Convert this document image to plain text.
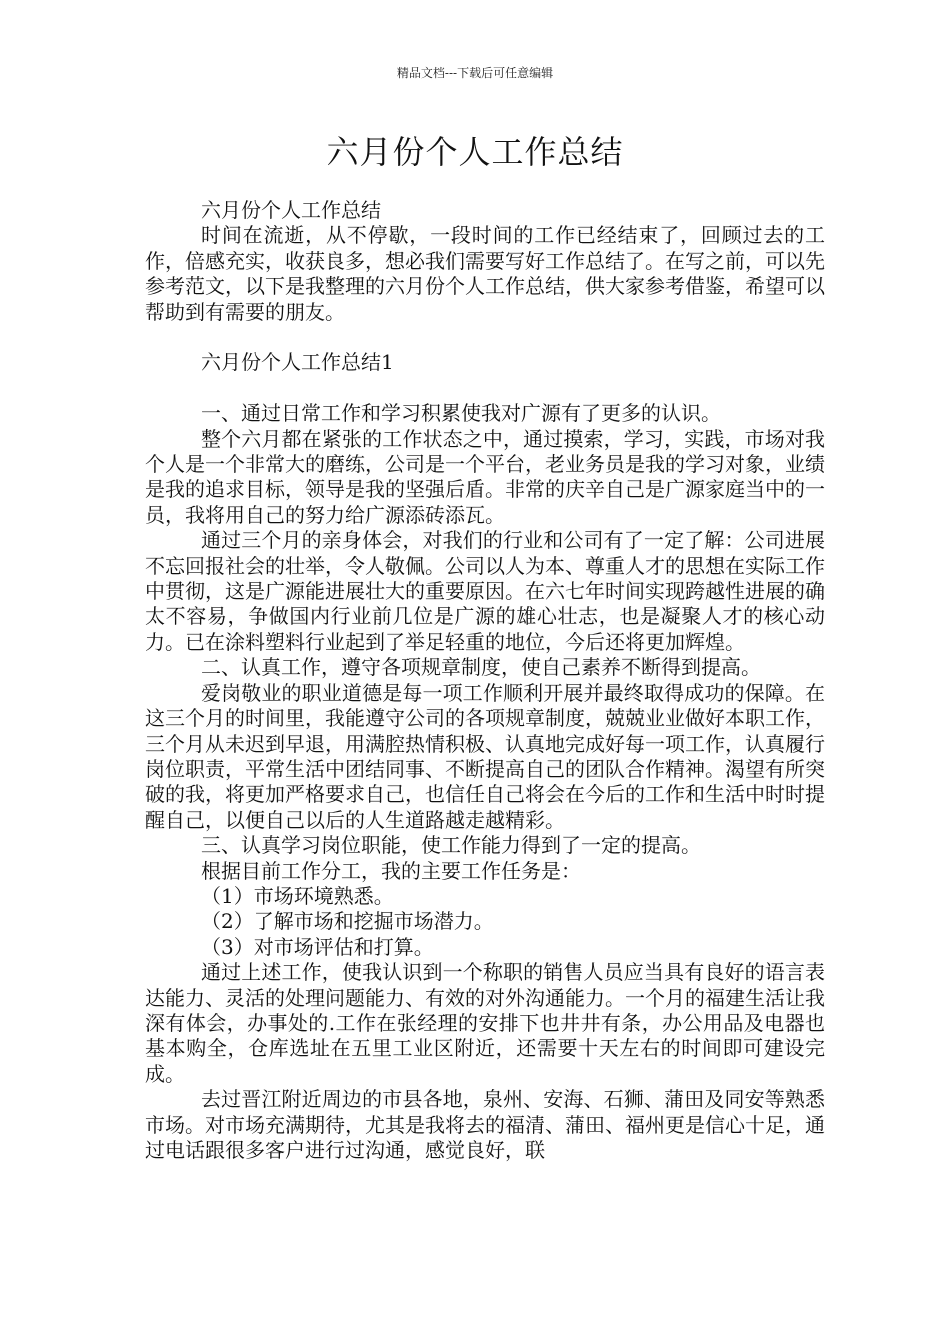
精品文档---下载后可任意编辑
六月份个人工作总结

六月份个人工作总结

时间在流逝，从不停歇，一段时间的工作已经结束了，回顾过去的工作，倍感充实，收获良多，想必我们需要写好工作总结了。在写之前，可以先参考范文，以下是我整理的六月份个人工作总结，供大家参考借鉴，希望可以帮助到有需要的朋友。

六月份个人工作总结1

一、通过日常工作和学习积累使我对广源有了更多的认识。

整个六月都在紧张的工作状态之中，通过摸索，学习，实践，市场对我个人是一个非常大的磨练，公司是一个平台，老业务员是我的学习对象，业绩是我的追求目标，领导是我的坚强后盾。非常的庆辛自己是广源家庭当中的一员，我将用自己的努力给广源添砖添瓦。

通过三个月的亲身体会，对我们的行业和公司有了一定了解：公司进展不忘回报社会的壮举，令人敬佩。公司以人为本、尊重人才的思想在实际工作中贯彻，这是广源能进展壮大的重要原因。在六七年时间实现跨越性进展的确太不容易，争做国内行业前几位是广源的雄心壮志，也是凝聚人才的核心动力。已在涂料塑料行业起到了举足轻重的地位，今后还将更加辉煌。

二、认真工作，遵守各项规章制度，使自己素养不断得到提高。

爱岗敬业的职业道德是每一项工作顺利开展并最终取得成功的保障。在这三个月的时间里，我能遵守公司的各项规章制度，兢兢业业做好本职工作，三个月从未迟到早退，用满腔热情积极、认真地完成好每一项工作，认真履行岗位职责，平常生活中团结同事、不断提高自己的团队合作精神。渴望有所突破的我，将更加严格要求自己，也信任自己将会在今后的工作和生活中时时提醒自己，以便自己以后的人生道路越走越精彩。

三、认真学习岗位职能，使工作能力得到了一定的提高。

根据目前工作分工，我的主要工作任务是：

（1）市场环境熟悉。

（2）了解市场和挖掘市场潜力。

（3）对市场评估和打算。

通过上述工作，使我认识到一个称职的销售人员应当具有良好的语言表达能力、灵活的处理问题能力、有效的对外沟通能力。一个月的福建生活让我深有体会，办事处的.工作在张经理的安排下也井井有条，办公用品及电器也基本购全，仓库选址在五里工业区附近，还需要十天左右的时间即可建设完成。

去过晋江附近周边的市县各地，泉州、安海、石狮、蒲田及同安等熟悉市场。对市场充满期待，尤其是我将去的福清、蒲田、福州更是信心十足，通过电话跟很多客户进行过沟通，感觉良好，联
